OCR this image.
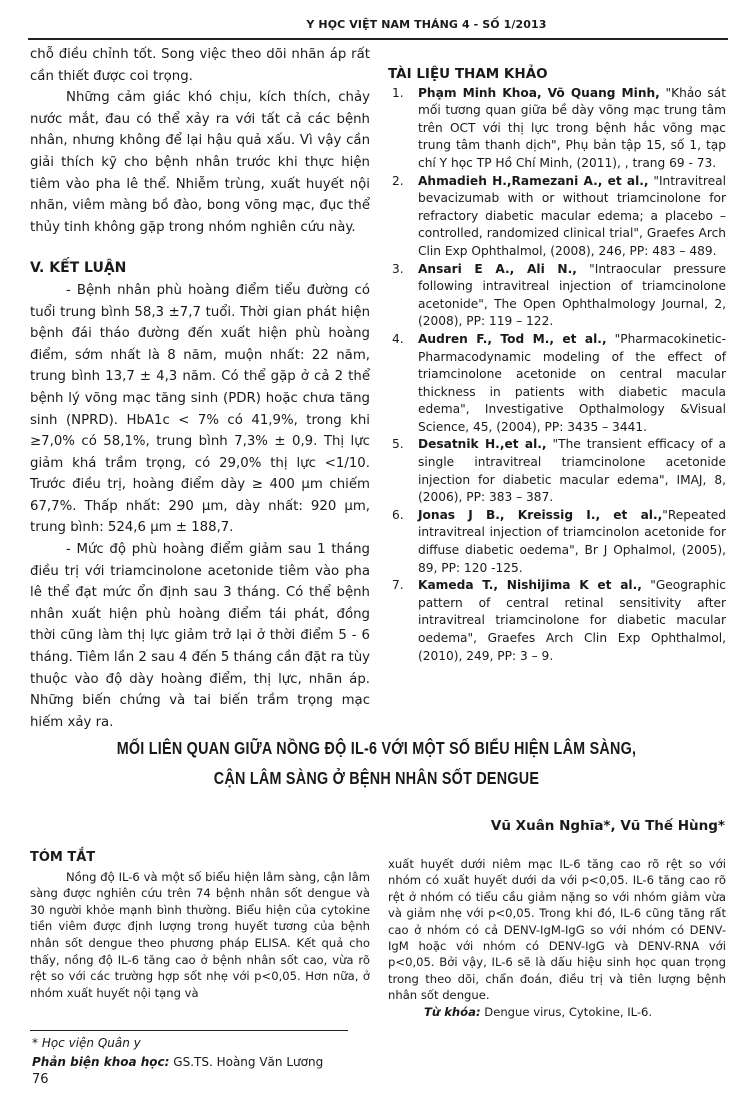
Y HỌC VIỆT NAM THÁNG 4 - SỐ 1/2013

chỗ điều chỉnh tốt. Song việc theo dõi nhãn áp rất cần thiết được coi trọng.

Những cảm giác khó chịu, kích thích, chảy nước mắt, đau có thể xảy ra với tất cả các bệnh nhân, nhưng không để lại hậu quả xấu. Vì vậy cần giải thích kỹ cho bệnh nhân trước khi thực hiện tiêm vào pha lê thể. Nhiễm trùng, xuất huyết nội nhãn, viêm màng bồ đào, bong võng mạc, đục thể thủy tinh không gặp trong nhóm nghiên cứu này.

V. KẾT LUẬN

- Bệnh nhân phù hoàng điểm tiểu đường có tuổi trung bình 58,3 ±7,7 tuổi. Thời gian phát hiện bệnh đái tháo đường đến xuất hiện phù hoàng điểm, sớm nhất là 8 năm, muộn nhất: 22 năm, trung bình 13,7 ± 4,3 năm. Có thể gặp ở cả 2 thể bệnh lý võng mạc tăng sinh (PDR) hoặc chưa tăng sinh (NPRD). HbA1c < 7% có 41,9%, trong khi ≥7,0% có 58,1%, trung bình 7,3% ± 0,9. Thị lực giảm khá trầm trọng, có 29,0% thị lực <1/10. Trước điều trị, hoàng điểm dày ≥ 400 μm chiếm 67,7%. Thấp nhất: 290 μm, dày nhất: 920 μm, trung bình: 524,6 μm ± 188,7.

- Mức độ phù hoàng điểm giảm sau 1 tháng điều trị với triamcinolone acetonide tiêm vào pha lê thể đạt mức ổn định sau 3 tháng. Có thể bệnh nhân xuất hiện phù hoàng điểm tái phát, đồng thời cũng làm thị lực giảm trở lại ở thời điểm 5 - 6 tháng. Tiêm lần 2 sau 4 đến 5 tháng cần đặt ra tùy thuộc vào độ dày hoàng điểm, thị lực, nhãn áp. Những biến chứng và tai biến trầm trọng mạc hiếm xảy ra.

TÀI LIỆU THAM KHẢO
1.	Phạm Minh Khoa, Võ Quang Minh, "Khảo sát mối tương quan giữa bề dày võng mạc trung tâm trên OCT với thị lực trong bệnh hắc võng mạc trung tâm thanh dịch", Phụ bản tập 15, số 1, tạp chí Y học TP Hồ Chí Minh, (2011), , trang 69 - 73.
2.	Ahmadieh H.,Ramezani A., et al., "Intravitreal bevacizumab with or without triamcinolone for refractory diabetic macular edema; a placebo – controlled, randomized clinical trial", Graefes Arch Clin Exp Ophthalmol, (2008), 246, PP: 483 – 489.
3.	Ansari E A., Ali N., "Intraocular pressure following intravitreal injection of triamcinolone acetonide", The Open Ophthalmology Journal, 2, (2008), PP: 119 – 122.
4.	Audren F., Tod M., et al., "Pharmacokinetic-Pharmacodynamic modeling of the effect of triamcinolone acetonide on central macular thickness in patients with diabetic macula edema", Investigative Opthalmology &Visual Science, 45, (2004), PP: 3435 – 3441.
5.	Desatnik H.,et al., "The transient efficacy of a single intravitreal triamcinolone acetonide injection for diabetic macular edema", IMAJ, 8, (2006), PP: 383 – 387.
6.	Jonas J B., Kreissig I., et al.,"Repeated intravitreal injection of triamcinolon acetonide for diffuse diabetic oedema", Br J Ophalmol, (2005), 89, PP: 120 -125.
7.	Kameda T., Nishijima K et al., "Geographic pattern of central retinal sensitivity after intravitreal triamcinolone for diabetic macular oedema", Graefes Arch Clin Exp Ophthalmol, (2010), 249, PP: 3 – 9.
MỐI LIÊN QUAN GIỮA NỒNG ĐỘ IL-6 VỚI MỘT SỐ BIỂU HIỆN LÂM SÀNG,
CẬN LÂM SÀNG Ở BỆNH NHÂN SỐT DENGUE
Vũ Xuân Nghĩa*, Vũ Thế Hùng*
TÓM TẮT

Nồng độ IL-6 và một số biểu hiện lâm sàng, cận lâm sàng được nghiên cứu trên 74 bệnh nhân sốt dengue và 30 người khỏe mạnh bình thường. Biểu hiện của cytokine tiền viêm được định lượng trong huyết tương của bệnh nhân sốt dengue theo phương pháp ELISA. Kết quả cho thấy, nồng độ IL-6 tăng cao ở bệnh nhân sốt cao, vừa rõ rệt so với các trường hợp sốt nhẹ với p<0,05. Hơn nữa, ở nhóm xuất huyết nội tạng và

xuất huyết dưới niêm mạc IL-6 tăng cao rõ rệt so với nhóm có xuất huyết dưới da với p<0,05. IL-6 tăng cao rõ rệt ở nhóm có tiểu cầu giảm nặng so với nhóm giảm vừa và giảm nhẹ với p<0,05. Trong khi đó, IL-6 cũng tăng rất cao ở nhóm có cả DENV-IgM-IgG so với nhóm có DENV-IgM hoặc với nhóm có DENV-IgG và DENV-RNA với p<0,05. Bởi vậy, IL-6 sẽ là dấu hiệu sinh học quan trọng trong theo dõi, chẩn đoán, điều trị và tiên lượng bệnh nhân sốt dengue.

Từ khóa: Dengue virus, Cytokine, IL-6.

* Học viện Quân y
Phản biện khoa học: GS.TS. Hoàng Văn Lương
76
